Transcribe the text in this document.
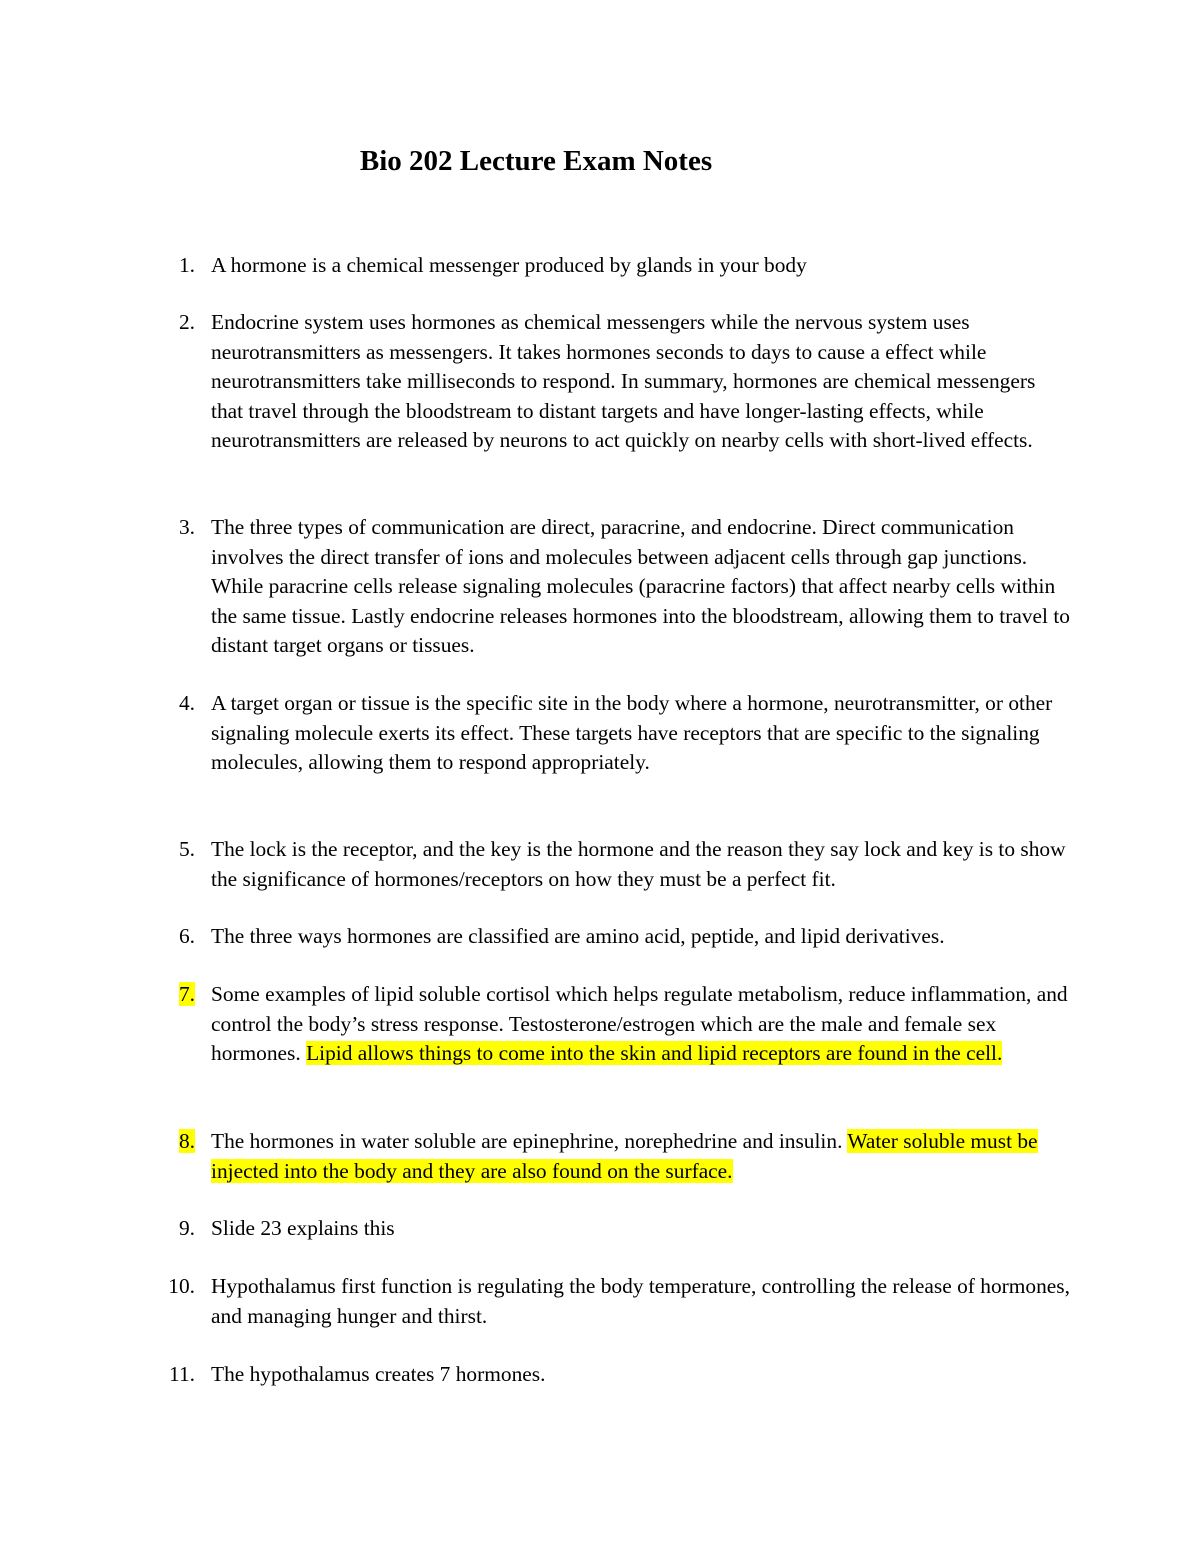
Bio 202 Lecture Exam Notes
1. A hormone is a chemical messenger produced by glands in your body
2. Endocrine system uses hormones as chemical messengers while the nervous system uses neurotransmitters as messengers. It takes hormones seconds to days to cause a effect while neurotransmitters take milliseconds to respond. In summary, hormones are chemical messengers that travel through the bloodstream to distant targets and have longer-lasting effects, while neurotransmitters are released by neurons to act quickly on nearby cells with short-lived effects.
3. The three types of communication are direct, paracrine, and endocrine. Direct communication involves the direct transfer of ions and molecules between adjacent cells through gap junctions. While paracrine cells release signaling molecules (paracrine factors) that affect nearby cells within the same tissue. Lastly endocrine releases hormones into the bloodstream, allowing them to travel to distant target organs or tissues.
4. A target organ or tissue is the specific site in the body where a hormone, neurotransmitter, or other signaling molecule exerts its effect. These targets have receptors that are specific to the signaling molecules, allowing them to respond appropriately.
5. The lock is the receptor, and the key is the hormone and the reason they say lock and key is to show the significance of hormones/receptors on how they must be a perfect fit.
6. The three ways hormones are classified are amino acid, peptide, and lipid derivatives.
7. Some examples of lipid soluble cortisol which helps regulate metabolism, reduce inflammation, and control the body’s stress response. Testosterone/estrogen which are the male and female sex hormones. Lipid allows things to come into the skin and lipid receptors are found in the cell.
8. The hormones in water soluble are epinephrine, norephedrine and insulin. Water soluble must be injected into the body and they are also found on the surface.
9. Slide 23 explains this
10. Hypothalamus first function is regulating the body temperature, controlling the release of hormones, and managing hunger and thirst.
11. The hypothalamus creates 7 hormones.
